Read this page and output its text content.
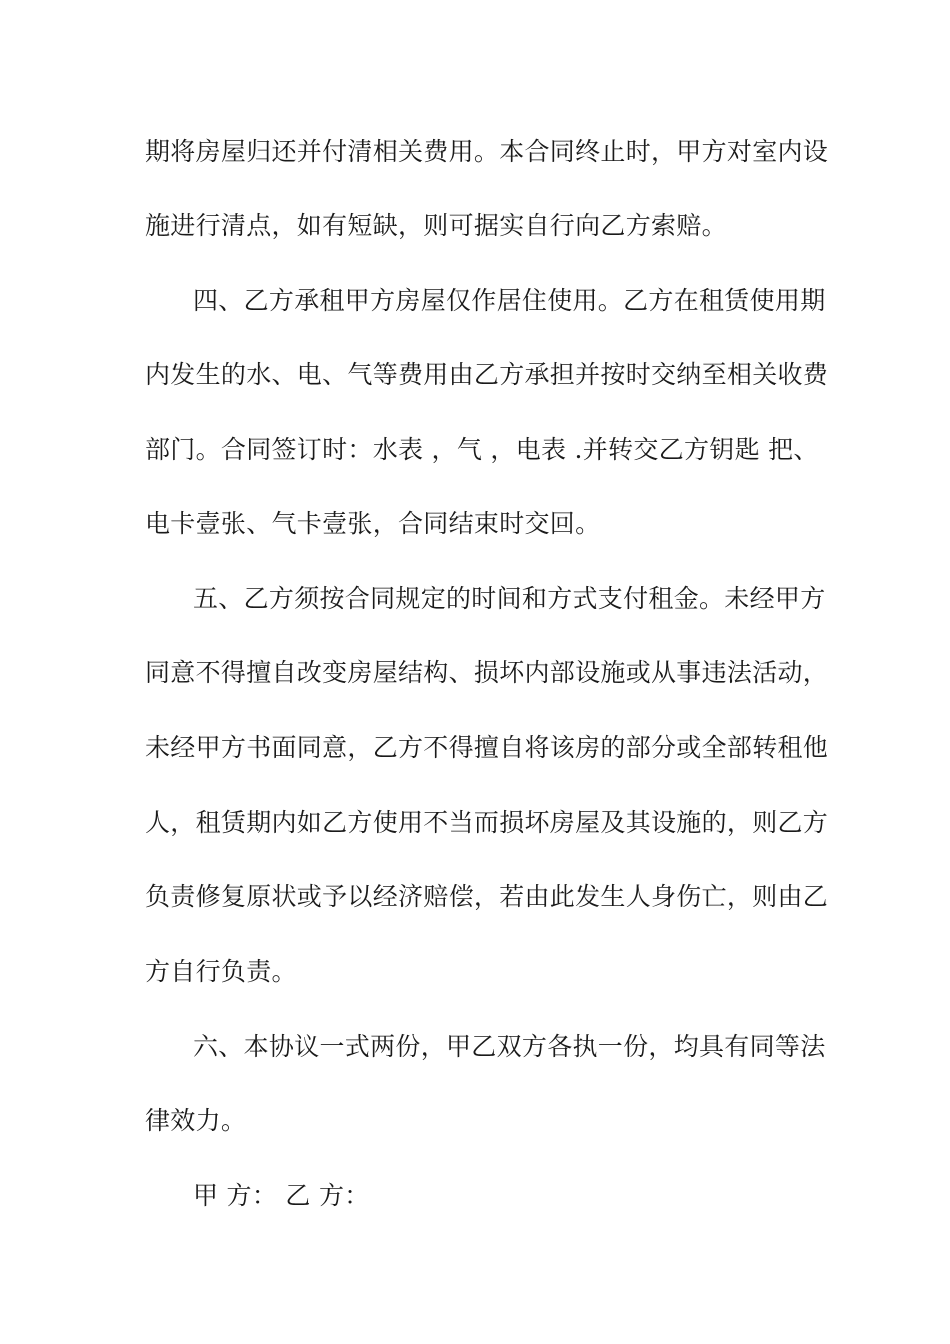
期将房屋归还并付清相关费用。本合同终止时，甲方对室内设
施进行清点，如有短缺，则可据实自行向乙方索赔。
四、乙方承租甲方房屋仅作居住使用。乙方在租赁使用期
内发生的水、电、气等费用由乙方承担并按时交纳至相关收费
部门。合同签订时：水表 ，气 ，电表 .并转交乙方钥匙 把、
电卡壹张、气卡壹张，合同结束时交回。
五、乙方须按合同规定的时间和方式支付租金。未经甲方
同意不得擅自改变房屋结构、损坏内部设施或从事违法活动，
未经甲方书面同意，乙方不得擅自将该房的部分或全部转租他
人，租赁期内如乙方使用不当而损坏房屋及其设施的，则乙方
负责修复原状或予以经济赔偿，若由此发生人身伤亡，则由乙
方自行负责。
六、本协议一式两份，甲乙双方各执一份，均具有同等法
律效力。
甲 方： 乙 方：
